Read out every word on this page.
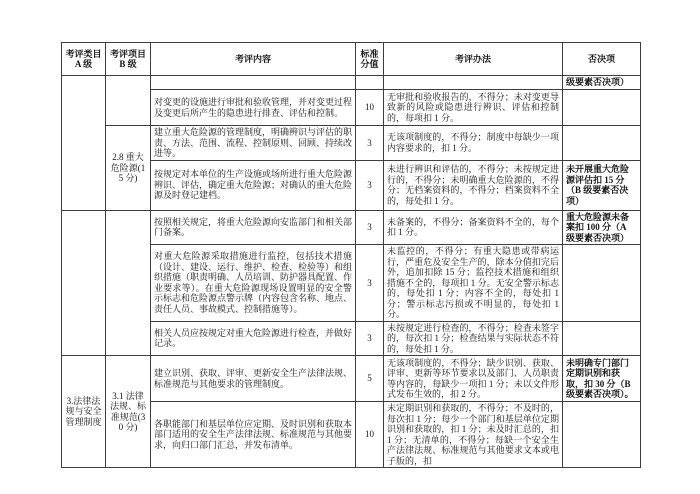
考评类目 A 级	考评项目 B 级	考评内容	标准分值	考评办法	否决项
					级要素否决项）
		对变更的设施进行审批和验收管理，并对变更过程及变更后所产生的隐患进行排查、评估和控制。	10	无审批和验收报告的，不得分；未对变更导致新的风险或隐患进行辨识、评估和控制的，每项扣 1 分。	
	2.8 重大危险源(15 分)	建立重大危险源的管理制度，明确辨识与评估的职责、方法、范围、流程、控制原则、回顾、持续改进等。	3	无该项制度的，不得分；制度中每缺少一项内容要求的，扣 1 分。	
		按规定对本单位的生产设施或场所进行重大危险源辨识、评估，确定重大危险源；对确认的重大危险源及时登记建档。	3	未进行辨识和评估的，不得分；未按规定进行的，不得分；未明确重大危险源的，不得分；无档案资料的，不得分；档案资料不全的，每处扣 1 分。	未开展重大危险源评估扣 15 分（B 级要素否决项）
		按照相关规定，将重大危险源向安监部门和相关部门备案。	3	未备案的，不得分；备案资料不全的，每个扣 1 分。	重大危险源未备案扣 100 分（A 级要素否决项）
		对重大危险源采取措施进行监控，包括技术措施（设计、建设、运行、维护、检查、检验等）和组织措施（职责明确、人员培训、防护器具配置、作业要求等）。在重大危险源现场设置明显的安全警示标志和危险源点警示牌（内容包含名称、地点、责任人员、事故模式、控制措施等）。	3	未监控的，不得分；有重大隐患或带病运行，严重危及安全生产的，除本分值扣完后外，追加扣除 15 分；监控技术措施和组织措施不全的，每项扣 1 分。无安全警示标志的，每处扣 1 分；内容不全的，每处扣 1 分；警示标志污损或不明显的，每处扣 1 分。	
		相关人员应按规定对重大危险源进行检查，并做好记录。	3	未按规定进行检查的，不得分；检查未签字的，每次扣 1 分；检查结果与实际状态不符的，每处扣 1 分。	
3.法律法规与安全管理制度	3.1 法律法规、标准规范(30 分)	建立识别、获取、评审、更新安全生产法律法规、标准规范与其他要求的管理制度。	5	无该项制度的，不得分；缺少识别、获取、评审、更新等环节要求以及部门、人员职责等内容的，每缺少一项扣 1 分；未以文件形式发布生效的，扣 2 分。	未明确专门部门定期识别和获取，扣 30 分（B 级要素否决项）。
		各职能部门和基层单位应定期、及时识别和获取本部门适用的安全生产法律法规、标准规范与其他要求，向归口部门汇总，并发布清单。	10	未定期识别和获取的，不得分；不及时的，每次扣 1 分；每少一个部门和基层单位定期识别和获取的，扣 1 分；未及时汇总的，扣 1 分；无清单的，不得分；每缺一个安全生产法律法规、标准规范与其他要求文本或电子版的，扣	
